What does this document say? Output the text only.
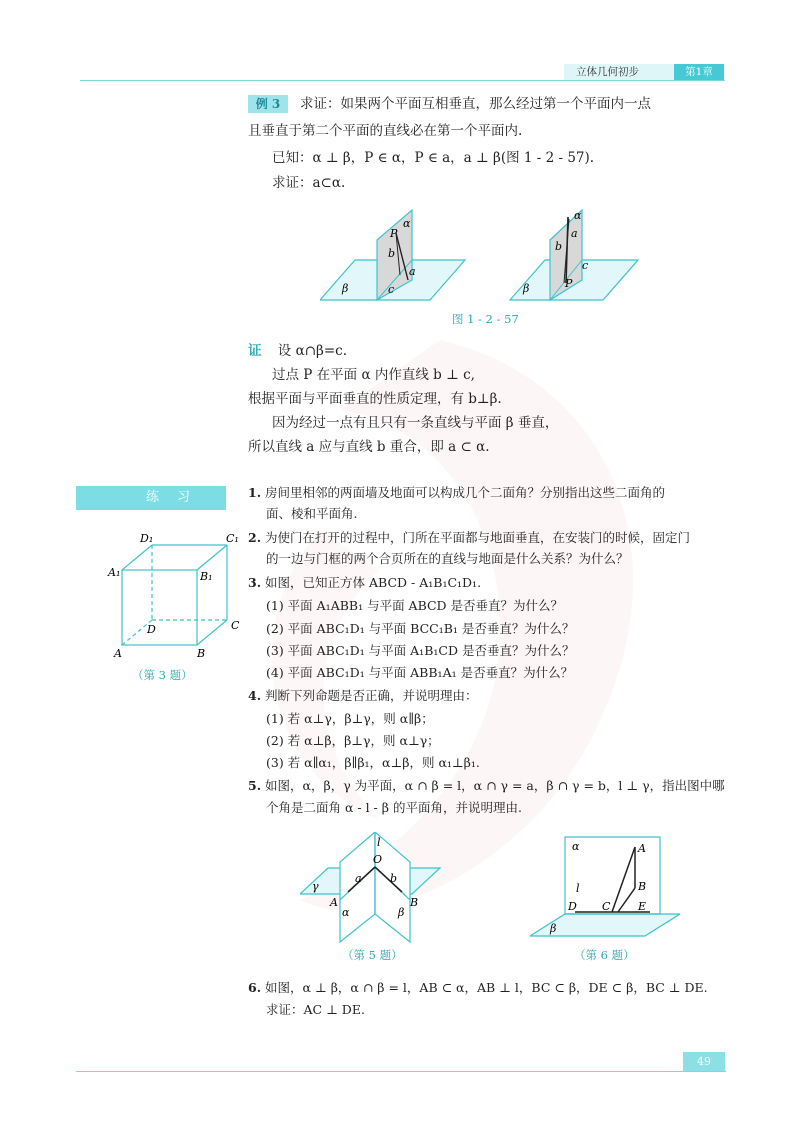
立体几何初步	第1章
例 3	求证：如果两个平面互相垂直，那么经过第一个平面内一点
且垂直于第二个平面的直线必在第一个平面内.
已知：α ⊥ β，P ∈ α，P ∈ a，a ⊥ β(图 1 - 2 - 57).
求证：a⊂α.
α
P
b
a
c
β
α
a
b
c
P
β
图 1 - 2 - 57
证 设 α∩β=c.
过点 P 在平面 α 内作直线 b ⊥ c,
根据平面与平面垂直的性质定理，有 b⊥β.
因为经过一点有且只有一条直线与平面 β 垂直，
所以直线 a 应与直线 b 重合，即 a ⊂ α.
练习
D₁	C₁
A₁	B₁
D	C
A	B
（第 3 题）
1. 房间里相邻的两面墙及地面可以构成几个二面角？分别指出这些二面角的
面、棱和平面角.
2. 为使门在打开的过程中，门所在平面都与地面垂直，在安装门的时候，固定门
的一边与门框的两个合页所在的直线与地面是什么关系？为什么？
3. 如图，已知正方体 ABCD - A₁B₁C₁D₁.
(1) 平面 A₁ABB₁ 与平面 ABCD 是否垂直？为什么？
(2) 平面 ABC₁D₁ 与平面 BCC₁B₁ 是否垂直？为什么？
(3) 平面 ABC₁D₁ 与平面 A₁B₁CD 是否垂直？为什么？
(4) 平面 ABC₁D₁ 与平面 ABB₁A₁ 是否垂直？为什么？
4. 判断下列命题是否正确，并说明理由：
(1) 若 α⊥γ，β⊥γ，则 α∥β；
(2) 若 α⊥β，β⊥γ，则 α⊥γ；
(3) 若 α∥α₁，β∥β₁，α⊥β，则 α₁⊥β₁.
5. 如图，α，β，γ 为平面，α ∩ β = l，α ∩ γ = a，β ∩ γ = b，l ⊥ γ，指出图中哪
个角是二面角 α - l - β 的平面角，并说明理由.
l
O
a	b
γ
A	B
α	β
（第 5 题）
α	A
B
l
D C	E
β
（第 6 题）
6. 如图，α ⊥ β，α ∩ β = l，AB ⊂ α，AB ⊥ l，BC ⊂ β，DE ⊂ β，BC ⊥ DE.
求证：AC ⊥ DE.
49
